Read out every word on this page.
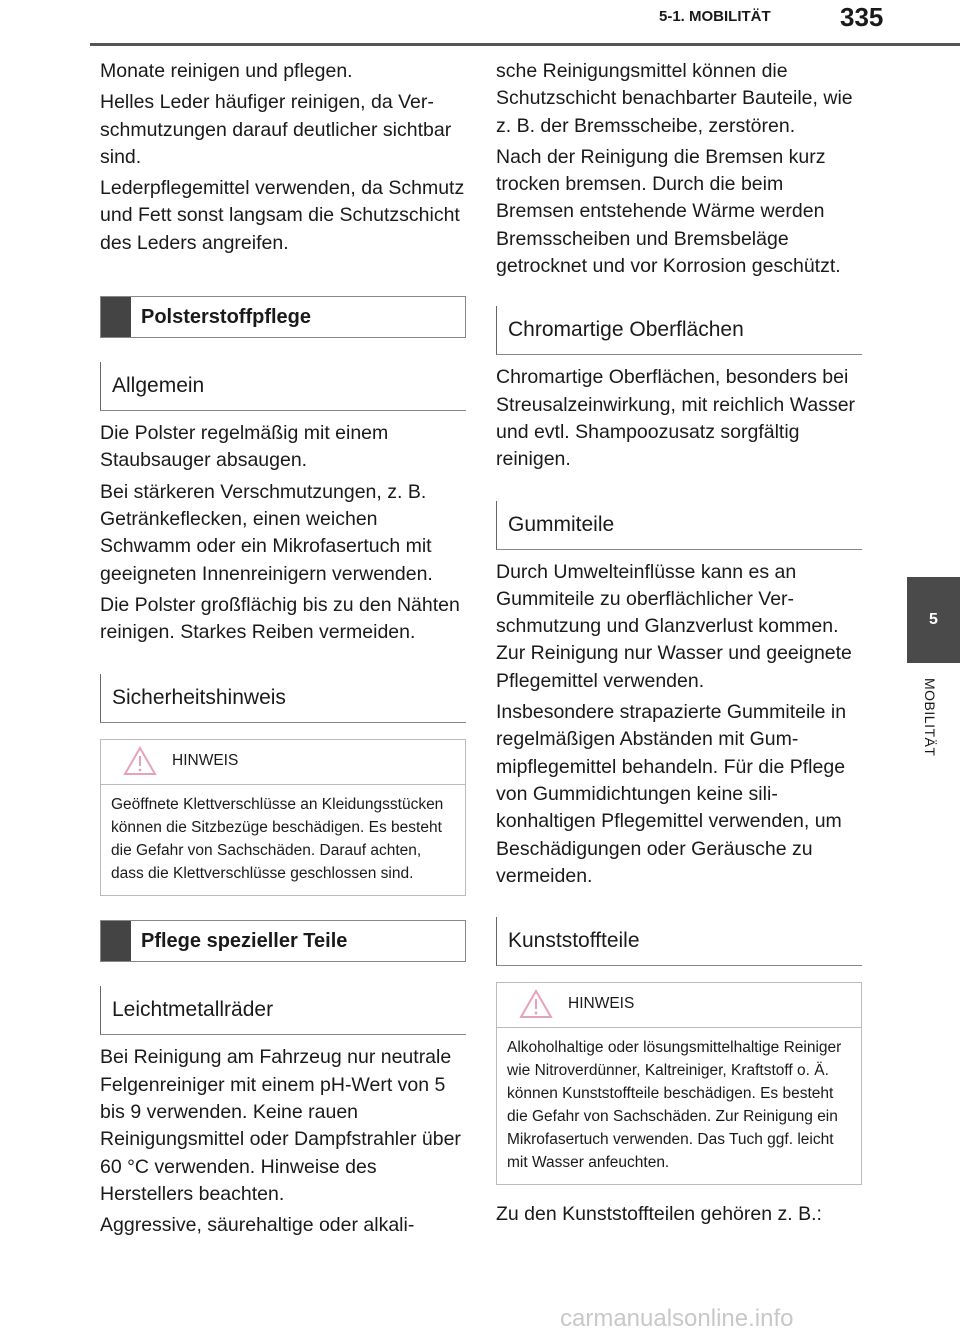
5-1. MOBILITÄT	335
5
MOBILITÄT

Monate reinigen und pflegen.

Helles Leder häufiger reinigen, da Verschmutzungen darauf deutlicher sichtbar sind.

Lederpflegemittel verwenden, da Schmutz und Fett sonst langsam die Schutzschicht des Leders angreifen.

Polsterstoffpflege
Allgemein

Die Polster regelmäßig mit einem Staubsauger absaugen.

Bei stärkeren Verschmutzungen, z. B. Getränkeflecken, einen weichen Schwamm oder ein Mikrofasertuch mit geeigneten Innenreinigern verwenden.

Die Polster großflächig bis zu den Nähten reinigen. Starkes Reiben vermeiden.

Sicherheitshinweis
HINWEIS
Geöffnete Klettverschlüsse an Kleidungsstücken können die Sitzbezüge beschädigen. Es besteht die Gefahr von Sachschäden. Darauf achten, dass die Klettverschlüsse geschlossen sind.
Pflege spezieller Teile
Leichtmetallräder

Bei Reinigung am Fahrzeug nur neutrale Felgenreiniger mit einem pH-Wert von 5 bis 9 verwenden. Keine rauen Reinigungsmittel oder Dampfstrahler über 60 °C verwenden. Hinweise des Herstellers beachten.

Aggressive, säurehaltige oder alkali-

sche Reinigungsmittel können die Schutzschicht benachbarter Bauteile, wie z. B. der Bremsscheibe, zerstören.

Nach der Reinigung die Bremsen kurz trocken bremsen. Durch die beim Bremsen entstehende Wärme werden Bremsscheiben und Bremsbeläge getrocknet und vor Korrosion geschützt.

Chromartige Oberflächen

Chromartige Oberflächen, besonders bei Streusalzeinwirkung, mit reichlich Wasser und evtl. Shampoozusatz sorgfältig reinigen.

Gummiteile

Durch Umwelteinflüsse kann es an Gummiteile zu oberflächlicher Verschmutzung und Glanzverlust kommen. Zur Reinigung nur Wasser und geeignete Pflegemittel verwenden.

Insbesondere strapazierte Gummiteile in regelmäßigen Abständen mit Gummipflegemittel behandeln. Für die Pflege von Gummidichtungen keine silikonhaltigen Pflegemittel verwenden, um Beschädigungen oder Geräusche zu vermeiden.

Kunststoffteile
HINWEIS
Alkoholhaltige oder lösungsmittelhaltige Reiniger wie Nitroverdünner, Kaltreiniger, Kraftstoff o. Ä. können Kunststoffteile beschädigen. Es besteht die Gefahr von Sachschäden. Zur Reinigung ein Mikrofasertuch verwenden. Das Tuch ggf. leicht mit Wasser anfeuchten.

Zu den Kunststoffteilen gehören z. B.:

carmanualsonline.info
